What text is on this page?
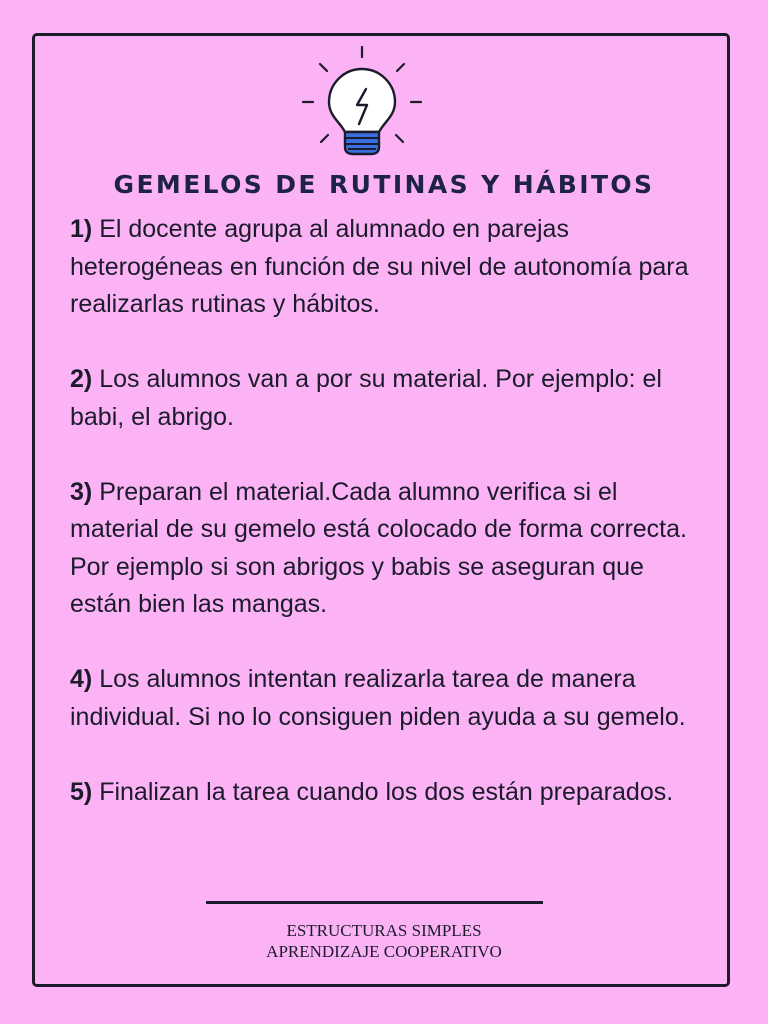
GEMELOS DE RUTINAS Y HÁBITOS
1) El docente agrupa al alumnado en parejas heterogéneas en función de su nivel de autonomía para realizarlas rutinas y hábitos.
2) Los alumnos van a por su material. Por ejemplo: el babi, el abrigo.
3) Preparan el material.Cada alumno verifica si el material de su gemelo está colocado de forma correcta. Por ejemplo si son abrigos y babis se aseguran que están bien las mangas.
4) Los alumnos intentan realizarla tarea de manera individual. Si no lo consiguen piden ayuda a su gemelo.
5) Finalizan la tarea cuando los dos están preparados.
ESTRUCTURAS SIMPLES
APRENDIZAJE COOPERATIVO
